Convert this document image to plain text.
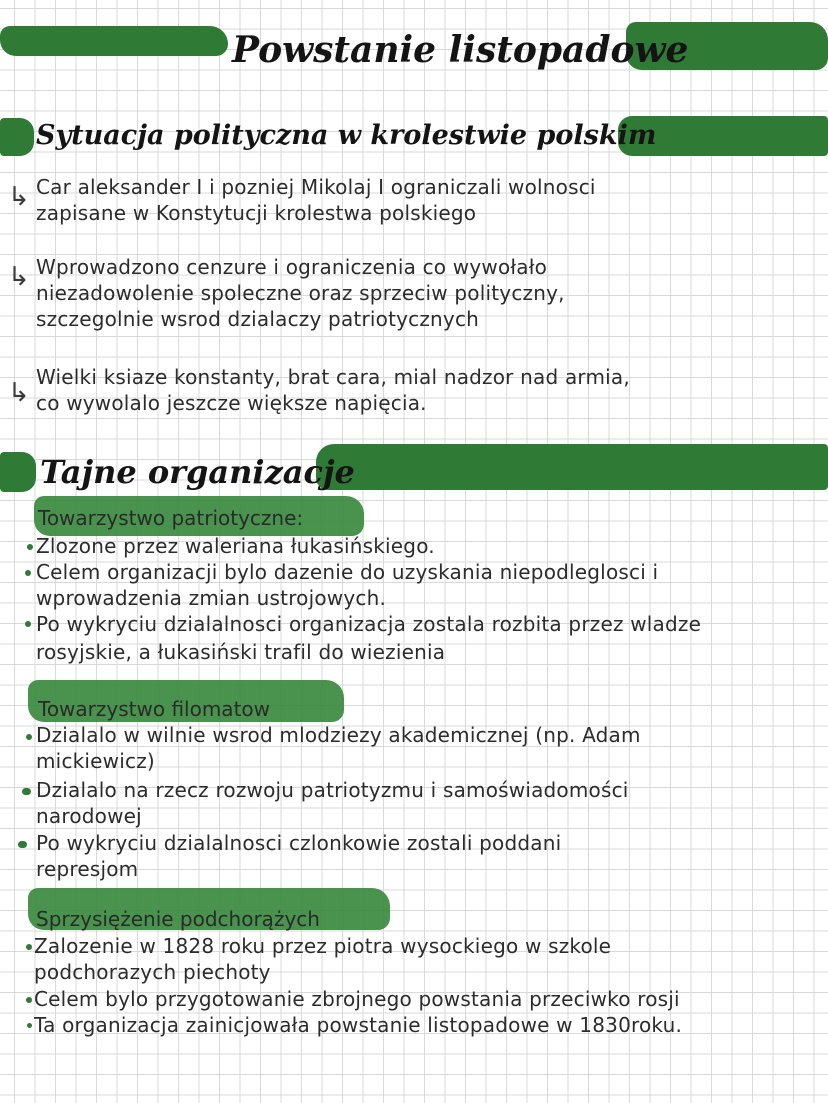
Powstanie listopadowe
Sytuacja polityczna w krolestwie polskim
↳ Car aleksander I i pozniej Mikolaj I ograniczali wolnosci
zapisane w Konstytucji krolestwa polskiego
↳ Wprowadzono cenzure i ograniczenia co wywołało
niezadowolenie spoleczne oraz sprzeciw polityczny,
szczegolnie wsrod dzialaczy patriotycznych
↳
Wielki ksiaze konstanty, brat cara, mial nadzor nad armia,
co wywolalo jeszcze większe napięcia.
Tajne organizacje
Towarzystwo patriotyczne:
Zlozone przez waleriana łukasińskiego.
Celem organizacji bylo dazenie do uzyskania niepodleglosci i
wprowadzenia zmian ustrojowych.
Po wykryciu dzialalnosci organizacja zostala rozbita przez wladze
rosyjskie, a łukasiński trafil do wiezienia
Towarzystwo filomatow
Dzialalo w wilnie wsrod mlodziezy akademicznej (np. Adam
mickiewicz)
Dzialalo na rzecz rozwoju patriotyzmu i samoświadomości
narodowej
Po wykryciu dzialalnosci czlonkowie zostali poddani
represjom
Sprzysiężenie podchorążych
Zalozenie w 1828 roku przez piotra wysockiego w szkole
podchorazych piechoty
Celem bylo przygotowanie zbrojnego powstania przeciwko rosji
Ta organizacja zainicjowała powstanie listopadowe w 1830roku.
